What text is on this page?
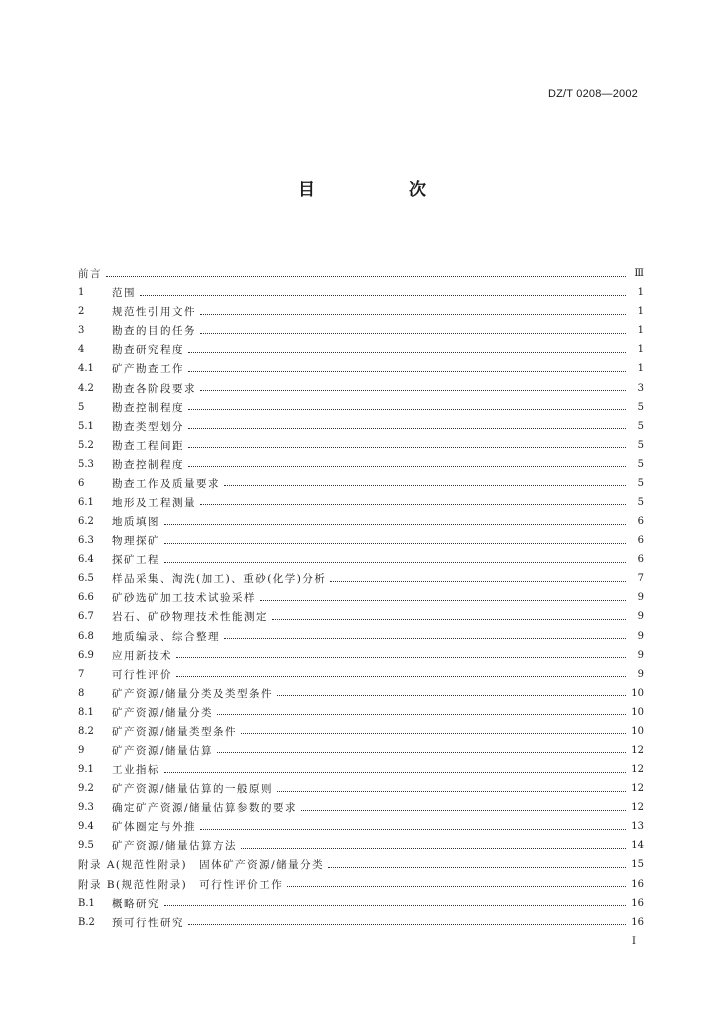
DZ/T 0208—2002
目 次
前言	Ⅲ
1	范围	1
2	规范性引用文件	1
3	勘查的目的任务	1
4	勘查研究程度	1
4.1	矿产勘查工作	1
4.2	勘查各阶段要求	3
5	勘查控制程度	5
5.1	勘查类型划分	5
5.2	勘查工程间距	5
5.3	勘查控制程度	5
6	勘查工作及质量要求	5
6.1	地形及工程测量	5
6.2	地质填图	6
6.3	物理探矿	6
6.4	探矿工程	6
6.5	样品采集、淘洗(加工)、重砂(化学)分析	7
6.6	矿砂选矿加工技术试验采样	9
6.7	岩石、矿砂物理技术性能测定	9
6.8	地质编录、综合整理	9
6.9	应用新技术	9
7	可行性评价	9
8	矿产资源/储量分类及类型条件	10
8.1	矿产资源/储量分类	10
8.2	矿产资源/储量类型条件	10
9	矿产资源/储量估算	12
9.1	工业指标	12
9.2	矿产资源/储量估算的一般原则	12
9.3	确定矿产资源/储量估算参数的要求	12
9.4	矿体圈定与外推	13
9.5	矿产资源/储量估算方法	14
附录 A(规范性附录)　固体矿产资源/储量分类	15
附录 B(规范性附录)　可行性评价工作	16
B.1	概略研究	16
B.2	预可行性研究	16
Ⅰ
